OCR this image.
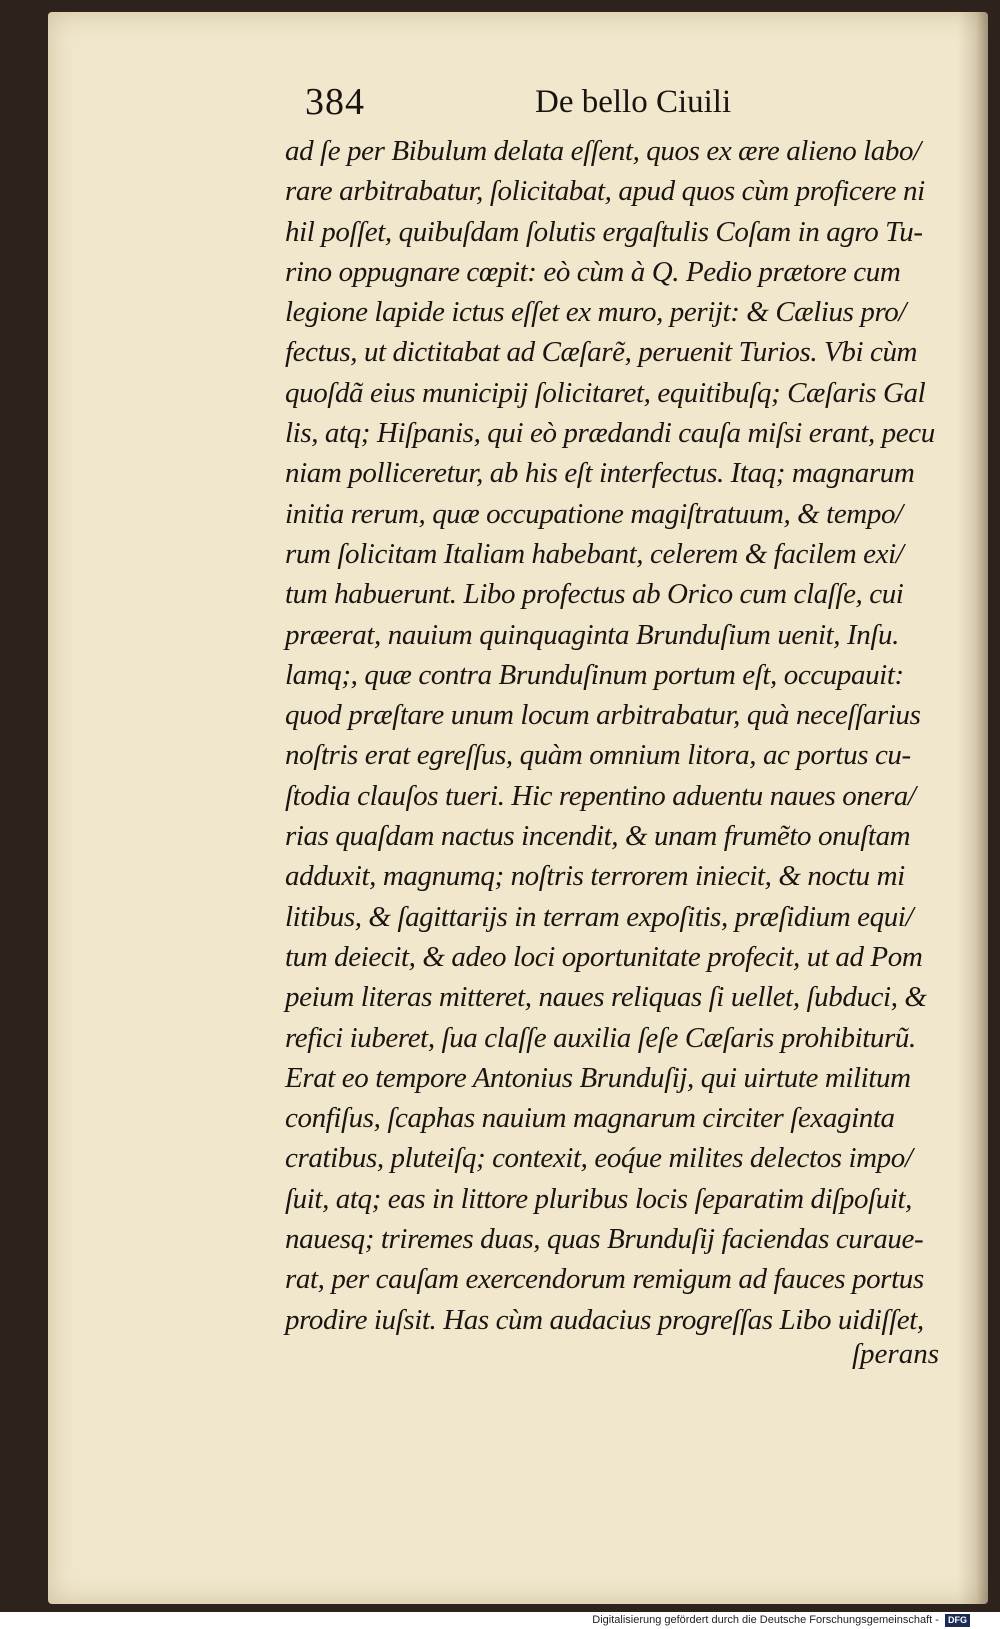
384	De bello Ciuili
ad ſe per Bibulum delata eſſent, quos ex ære alieno labo/
rare arbitrabatur, ſolicitabat, apud quos cùm proficere ni
hil poſſet, quibuſdam ſolutis ergaſtulis Coſam in agro Tu-
rino oppugnare cœpit: eò cùm à Q. Pedio prætore cum
legione lapide ictus eſſet ex muro, perijt: & Cælius pro/
fectus, ut dictitabat ad Cæſarẽ, peruenit Turios. Vbi cùm
quoſdã eius municipij ſolicitaret, equitibuſq; Cæſaris Gal
lis, atq; Hiſpanis, qui eò prædandi cauſa miſsi erant, pecu
niam polliceretur, ab his eſt interfectus. Itaq; magnarum
initia rerum, quæ occupatione magiſtratuum, & tempo/
rum ſolicitam Italiam habebant, celerem & facilem exi/
tum habuerunt. Libo profectus ab Orico cum claſſe, cui
præerat, nauium quinquaginta Brunduſium uenit, Inſu.
lamq;, quæ contra Brunduſinum portum eſt, occupauit:
quod præſtare unum locum arbitrabatur, quà neceſſarius
noſtris erat egreſſus, quàm omnium litora, ac portus cu-
ſtodia clauſos tueri. Hic repentino aduentu naues onera/
rias quaſdam nactus incendit, & unam frumẽto onuſtam
adduxit, magnumq; noſtris terrorem iniecit, & noctu mi
litibus, & ſagittarijs in terram expoſitis, præſidium equi/
tum deiecit, & adeo loci oportunitate profecit, ut ad Pom
peium literas mitteret, naues reliquas ſi uellet, ſubduci, &
refici iuberet, ſua claſſe auxilia ſeſe Cæſaris prohibiturũ.
Erat eo tempore Antonius Brunduſij, qui uirtute militum
confiſus, ſcaphas nauium magnarum circiter ſexaginta
cratibus, pluteiſq; contexit, eoq́ue milites delectos impo/
ſuit, atq; eas in littore pluribus locis ſeparatim diſpoſuit,
nauesq; triremes duas, quas Brunduſij faciendas curaue-
rat, per cauſam exercendorum remigum ad fauces portus
prodire iuſsit. Has cùm audacius progreſſas Libo uidiſſet,
ſperans
Digitalisierung gefördert durch die Deutsche Forschungsgemeinschaft - DFG
